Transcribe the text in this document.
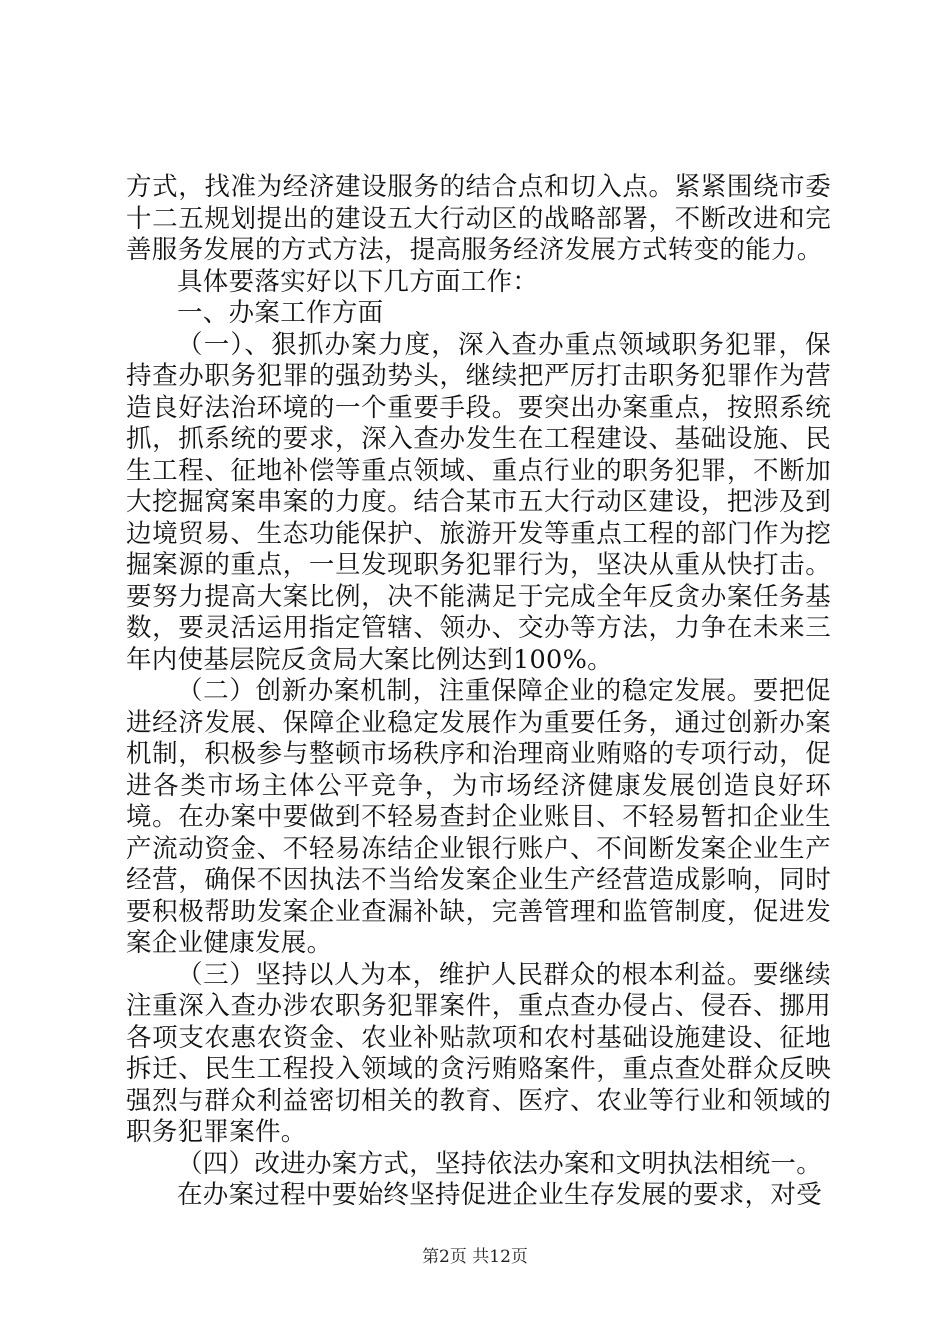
方式，找准为经济建设服务的结合点和切入点。紧紧围绕市委十二五规划提出的建设五大行动区的战略部署，不断改进和完善服务发展的方式方法，提高服务经济发展方式转变的能力。

具体要落实好以下几方面工作：

一、办案工作方面

（一）、狠抓办案力度，深入查办重点领域职务犯罪，保持查办职务犯罪的强劲势头，继续把严厉打击职务犯罪作为营造良好法治环境的一个重要手段。要突出办案重点，按照系统抓，抓系统的要求，深入查办发生在工程建设、基础设施、民生工程、征地补偿等重点领域、重点行业的职务犯罪，不断加大挖掘窝案串案的力度。结合某市五大行动区建设，把涉及到边境贸易、生态功能保护、旅游开发等重点工程的部门作为挖掘案源的重点，一旦发现职务犯罪行为，坚决从重从快打击。要努力提高大案比例，决不能满足于完成全年反贪办案任务基数，要灵活运用指定管辖、领办、交办等方法，力争在未来三年内使基层院反贪局大案比例达到100%。

（二）创新办案机制，注重保障企业的稳定发展。要把促进经济发展、保障企业稳定发展作为重要任务，通过创新办案机制，积极参与整顿市场秩序和治理商业贿赂的专项行动，促进各类市场主体公平竞争，为市场经济健康发展创造良好环境。在办案中要做到不轻易查封企业账目、不轻易暂扣企业生产流动资金、不轻易冻结企业银行账户、不间断发案企业生产经营，确保不因执法不当给发案企业生产经营造成影响，同时要积极帮助发案企业查漏补缺，完善管理和监管制度，促进发案企业健康发展。

（三）坚持以人为本，维护人民群众的根本利益。要继续注重深入查办涉农职务犯罪案件，重点查办侵占、侵吞、挪用各项支农惠农资金、农业补贴款项和农村基础设施建设、征地拆迁、民生工程投入领域的贪污贿赂案件，重点查处群众反映强烈与群众利益密切相关的教育、医疗、农业等行业和领域的职务犯罪案件。

（四）改进办案方式，坚持依法办案和文明执法相统一。

在办案过程中要始终坚持促进企业生存发展的要求，对受

第2页 共12页
